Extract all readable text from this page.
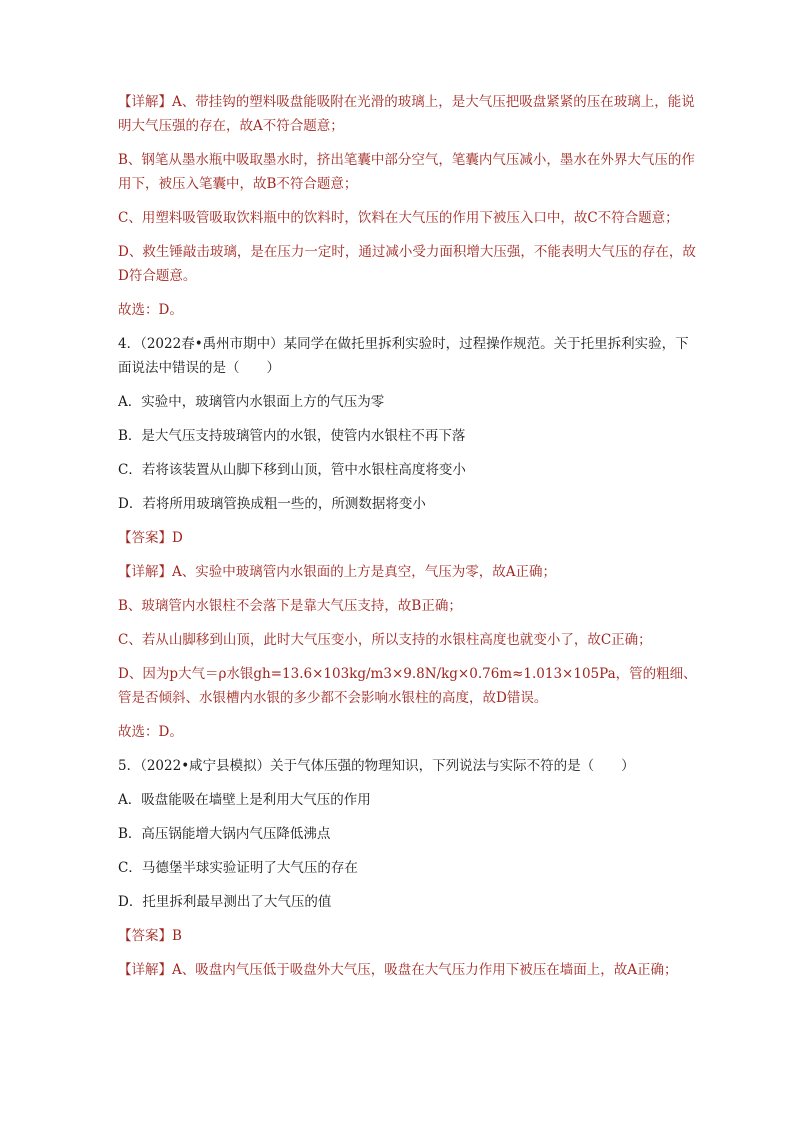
【详解】A、带挂钩的塑料吸盘能吸附在光滑的玻璃上，是大气压把吸盘紧紧的压在玻璃上，能说明大气压强的存在，故A不符合题意；

B、钢笔从墨水瓶中吸取墨水时，挤出笔囊中部分空气，笔囊内气压减小，墨水在外界大气压的作用下，被压入笔囊中，故B不符合题意；

C、用塑料吸管吸取饮料瓶中的饮料时，饮料在大气压的作用下被压入口中，故C不符合题意；

D、救生锤敲击玻璃，是在压力一定时，通过减小受力面积增大压强，不能表明大气压的存在，故D符合题意。

故选：D。

4．（2022春•禹州市期中）某同学在做托里拆利实验时，过程操作规范。关于托里拆利实验，下面说法中错误的是（　　）

A．实验中，玻璃管内水银面上方的气压为零

B．是大气压支持玻璃管内的水银，使管内水银柱不再下落

C．若将该装置从山脚下移到山顶，管中水银柱高度将变小

D．若将所用玻璃管换成粗一些的，所测数据将变小

【答案】D

【详解】A、实验中玻璃管内水银面的上方是真空，气压为零，故A正确；

B、玻璃管内水银柱不会落下是靠大气压支持，故B正确；

C、若从山脚移到山顶，此时大气压变小，所以支持的水银柱高度也就变小了，故C正确；

D、因为p大气＝ρ水银gh=13.6×103kg/m3×9.8N/kg×0.76m≈1.013×105Pa，管的粗细、管是否倾斜、水银槽内水银的多少都不会影响水银柱的高度，故D错误。

故选：D。

5．（2022•咸宁县模拟）关于气体压强的物理知识，下列说法与实际不符的是（　　）

A．吸盘能吸在墙壁上是利用大气压的作用

B．高压锅能增大锅内气压降低沸点

C．马德堡半球实验证明了大气压的存在

D．托里拆利最早测出了大气压的值

【答案】B

【详解】A、吸盘内气压低于吸盘外大气压，吸盘在大气压力作用下被压在墙面上，故A正确；
